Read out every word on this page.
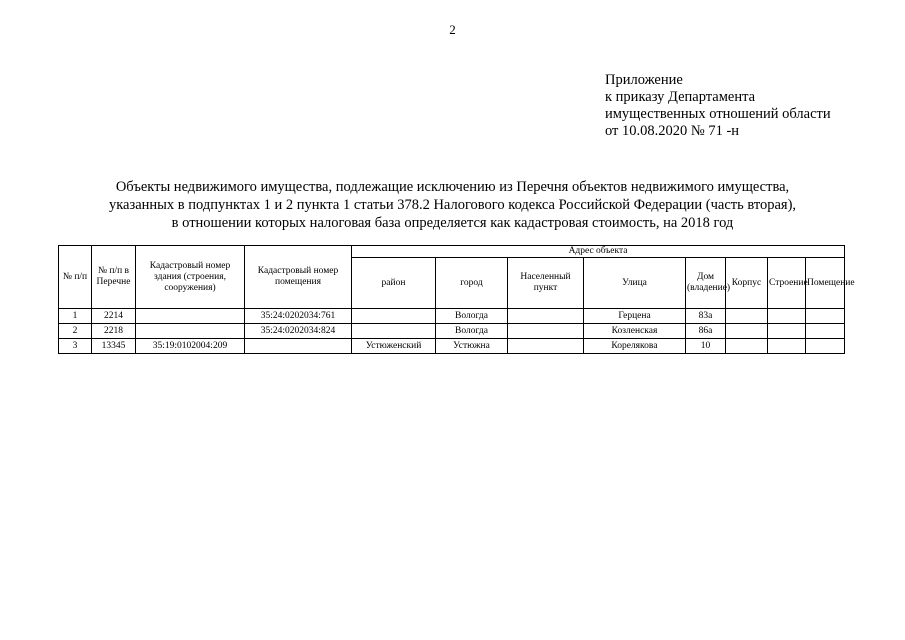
2
Приложение
к приказу Департамента
имущественных отношений области
от 10.08.2020 № 71 -н
Объекты недвижимого имущества, подлежащие исключению из Перечня объектов недвижимого имущества,
указанных в подпунктах 1 и 2 пункта 1 статьи 378.2 Налогового кодекса Российской Федерации (часть вторая),
в отношении которых налоговая база определяется как кадастровая стоимость, на 2018 год
№ п/п	№ п/п в Перечне	Кадастровый номер здания (строения, сооружения)	Кадастровый номер помещения	Адрес объекта							
				район	город	Населенный пункт	Улица	Дом (владение)	Корпус	Строение	Помещение
1	2214		35:24:0202034:761		Вологда		Герцена	83а			
2	2218		35:24:0202034:824		Вологда		Козленская	86а			
3	13345	35:19:0102004:209		Устюженский	Устюжна		Кореляковa	10			
